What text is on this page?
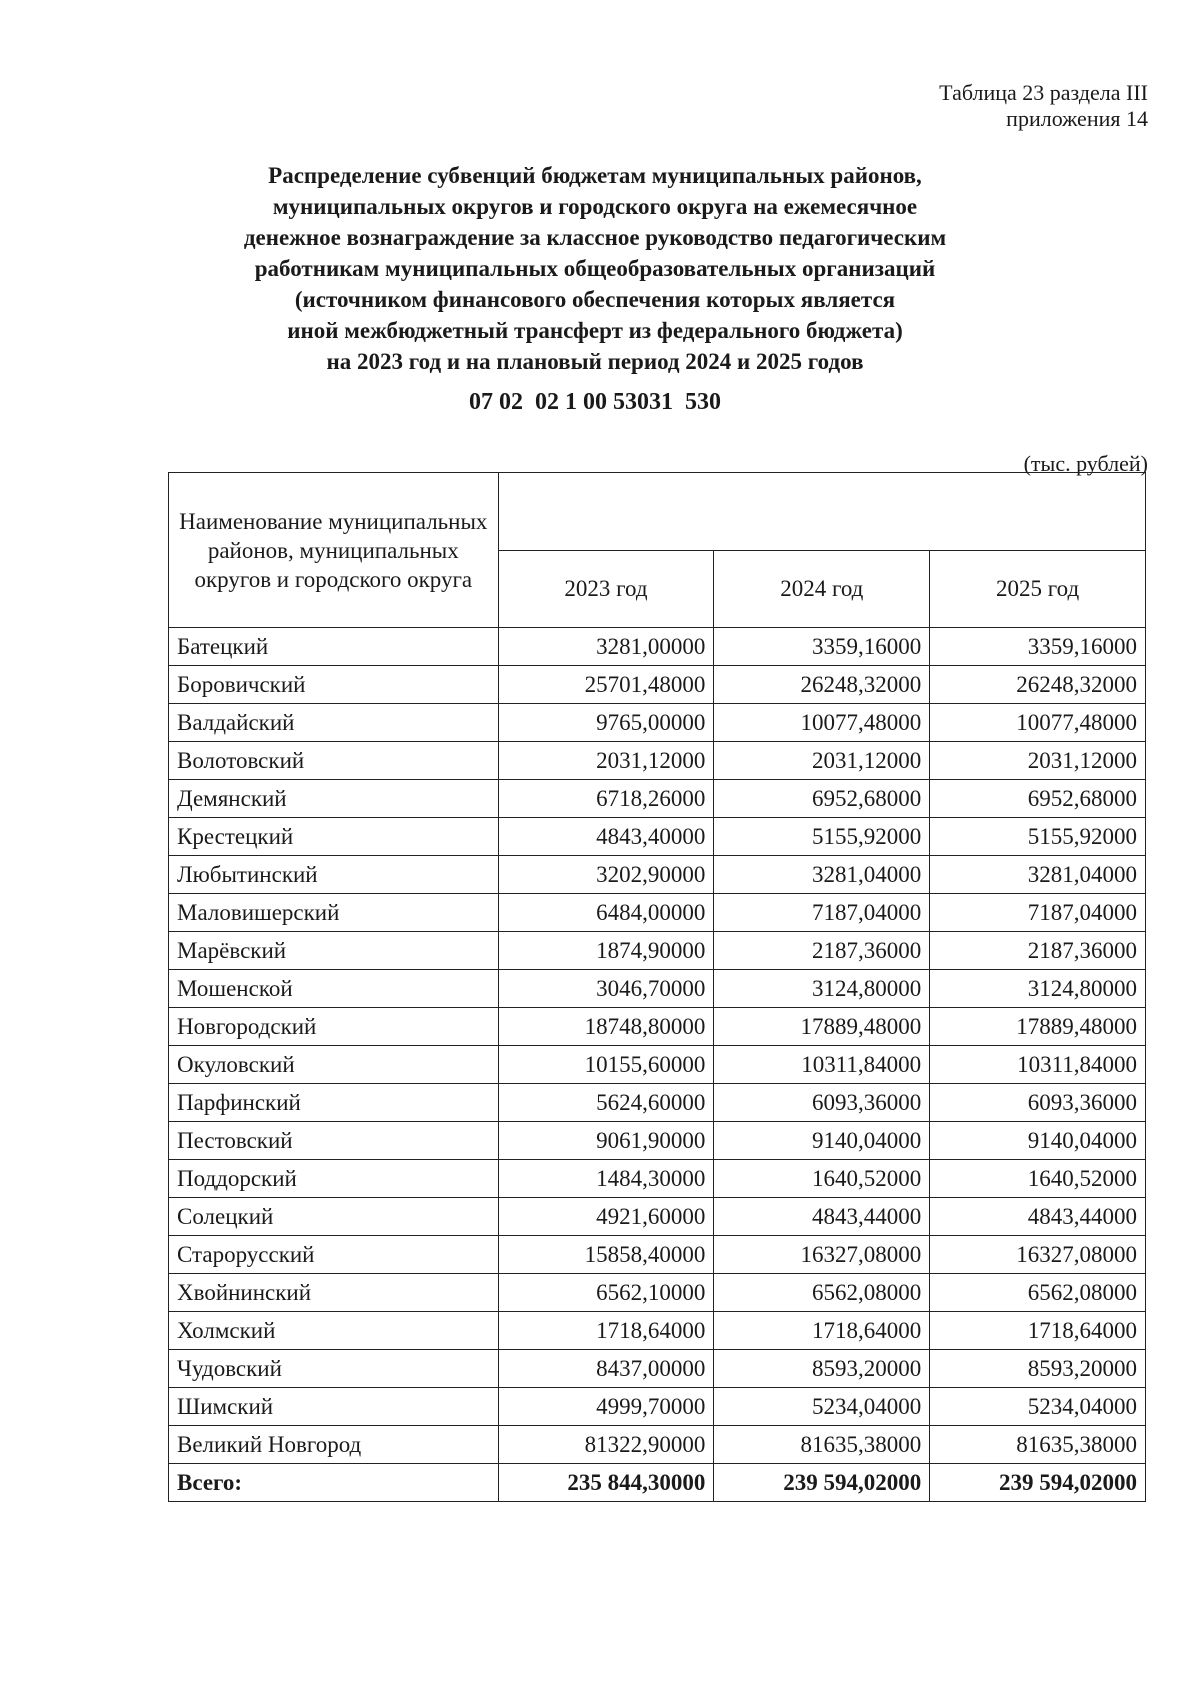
Таблица 23 раздела III
приложения 14
Распределение субвенций бюджетам муниципальных районов,
муниципальных округов и городского округа на ежемесячное
денежное вознаграждение за классное руководство педагогическим
работникам муниципальных общеобразовательных организаций
(источником финансового обеспечения которых является
иной межбюджетный трансферт из федерального бюджета)
на 2023 год и на плановый период 2024 и 2025 годов
07 02  02 1 00 53031  530
(тыс. рублей)
Наименование муниципальных районов, муниципальных округов и городского округа			
	2023 год	2024 год	2025 год
Батецкий	3281,00000	3359,16000	3359,16000
Боровичский	25701,48000	26248,32000	26248,32000
Валдайский	9765,00000	10077,48000	10077,48000
Волотовский	2031,12000	2031,12000	2031,12000
Демянский	6718,26000	6952,68000	6952,68000
Крестецкий	4843,40000	5155,92000	5155,92000
Любытинский	3202,90000	3281,04000	3281,04000
Маловишерский	6484,00000	7187,04000	7187,04000
Марёвский	1874,90000	2187,36000	2187,36000
Мошенской	3046,70000	3124,80000	3124,80000
Новгородский	18748,80000	17889,48000	17889,48000
Окуловский	10155,60000	10311,84000	10311,84000
Парфинский	5624,60000	6093,36000	6093,36000
Пестовский	9061,90000	9140,04000	9140,04000
Поддорский	1484,30000	1640,52000	1640,52000
Солецкий	4921,60000	4843,44000	4843,44000
Старорусский	15858,40000	16327,08000	16327,08000
Хвойнинский	6562,10000	6562,08000	6562,08000
Холмский	1718,64000	1718,64000	1718,64000
Чудовский	8437,00000	8593,20000	8593,20000
Шимский	4999,70000	5234,04000	5234,04000
Великий Новгород	81322,90000	81635,38000	81635,38000
Всего:	235 844,30000	239 594,02000	239 594,02000
